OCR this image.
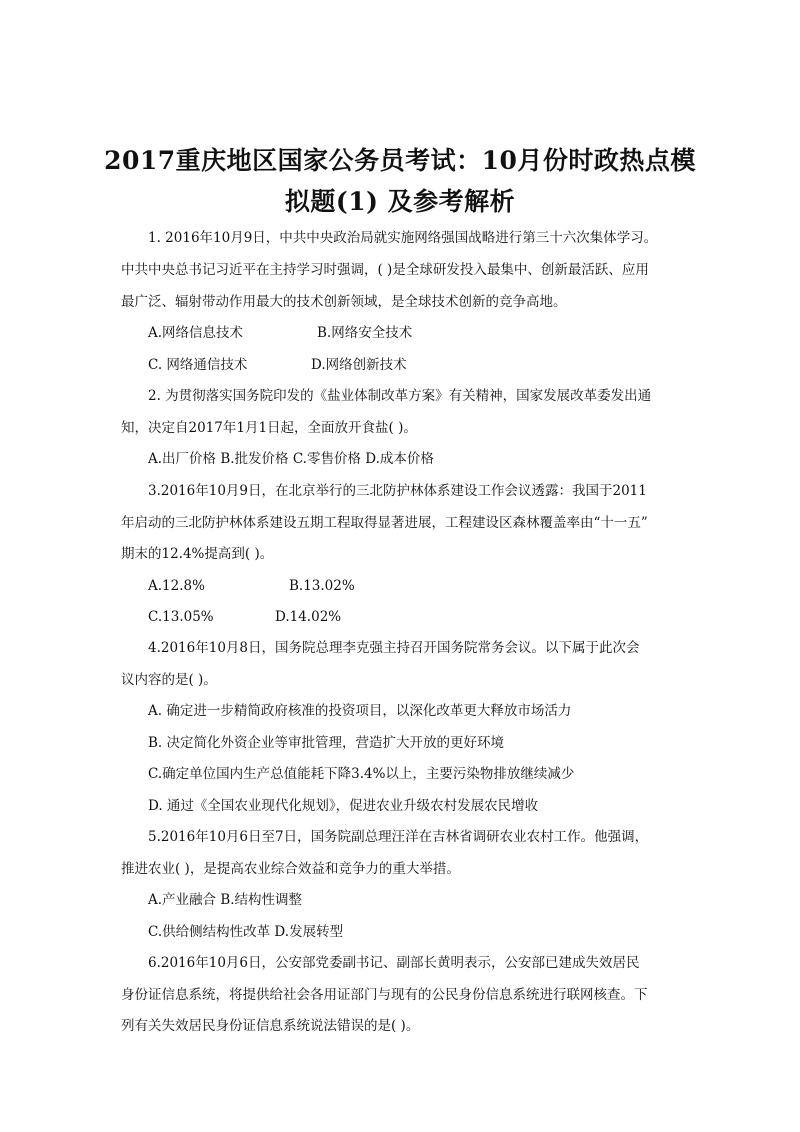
2017重庆地区国家公务员考试：10月份时政热点模
拟题(1) 及参考解析
1. 2016年10月9日，中共中央政治局就实施网络强国战略进行第三十六次集体学习。
中共中央总书记习近平在主持学习时强调，( )是全球研发投入最集中、创新最活跃、应用
最广泛、辐射带动作用最大的技术创新领域，是全球技术创新的竞争高地。
A.网络信息技术	B.网络安全技术
C. 网络通信技术	D.网络创新技术
2. 为贯彻落实国务院印发的《盐业体制改革方案》有关精神，国家发展改革委发出通
知，决定自2017年1月1日起，全面放开食盐( )。
A.出厂价格 B.批发价格 C.零售价格 D.成本价格
3.2016年10月9日，在北京举行的三北防护林体系建设工作会议透露：我国于2011
年启动的三北防护林体系建设五期工程取得显著进展，工程建设区森林覆盖率由“十一五”
期末的12.4%提高到( )。
A.12.8%	B.13.02%
C.13.05%	D.14.02%
4.2016年10月8日，国务院总理李克强主持召开国务院常务会议。以下属于此次会
议内容的是( )。
A. 确定进一步精简政府核准的投资项目，以深化改革更大释放市场活力
B. 决定简化外资企业等审批管理，营造扩大开放的更好环境
C.确定单位国内生产总值能耗下降3.4%以上，主要污染物排放继续减少
D. 通过《全国农业现代化规划》，促进农业升级农村发展农民增收
5.2016年10月6日至7日，国务院副总理汪洋在吉林省调研农业农村工作。他强调，
推进农业( )，是提高农业综合效益和竞争力的重大举措。
A.产业融合 B.结构性调整
C.供给侧结构性改革 D.发展转型
6.2016年10月6日，公安部党委副书记、副部长黄明表示，公安部已建成失效居民
身份证信息系统，将提供给社会各用证部门与现有的公民身份信息系统进行联网核查。下
列有关失效居民身份证信息系统说法错误的是( )。
